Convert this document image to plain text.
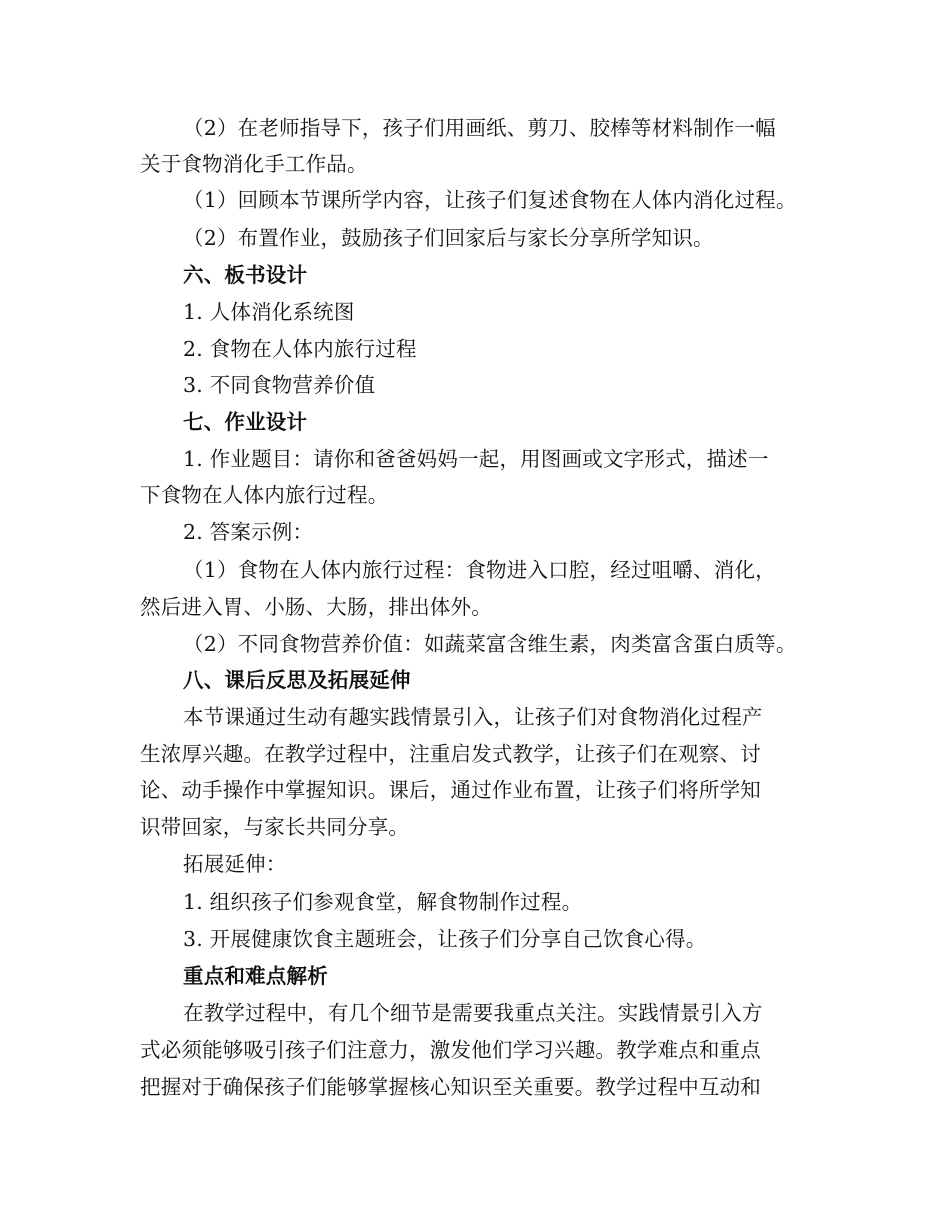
（2）在老师指导下，孩子们用画纸、剪刀、胶棒等材料制作一幅
关于食物消化手工作品。
（1）回顾本节课所学内容，让孩子们复述食物在人体内消化过程。
（2）布置作业，鼓励孩子们回家后与家长分享所学知识。
六、板书设计
1. 人体消化系统图
2. 食物在人体内旅行过程
3. 不同食物营养价值
七、作业设计
1. 作业题目：请你和爸爸妈妈一起，用图画或文字形式，描述一
下食物在人体内旅行过程。
2. 答案示例：
（1）食物在人体内旅行过程：食物进入口腔，经过咀嚼、消化，
然后进入胃、小肠、大肠，排出体外。
（2）不同食物营养价值：如蔬菜富含维生素，肉类富含蛋白质等。
八、课后反思及拓展延伸
本节课通过生动有趣实践情景引入，让孩子们对食物消化过程产
生浓厚兴趣。在教学过程中，注重启发式教学，让孩子们在观察、讨
论、动手操作中掌握知识。课后，通过作业布置，让孩子们将所学知
识带回家，与家长共同分享。
拓展延伸：
1. 组织孩子们参观食堂，解食物制作过程。
3. 开展健康饮食主题班会，让孩子们分享自己饮食心得。
重点和难点解析
在教学过程中，有几个细节是需要我重点关注。实践情景引入方
式必须能够吸引孩子们注意力，激发他们学习兴趣。教学难点和重点
把握对于确保孩子们能够掌握核心知识至关重要。教学过程中互动和
